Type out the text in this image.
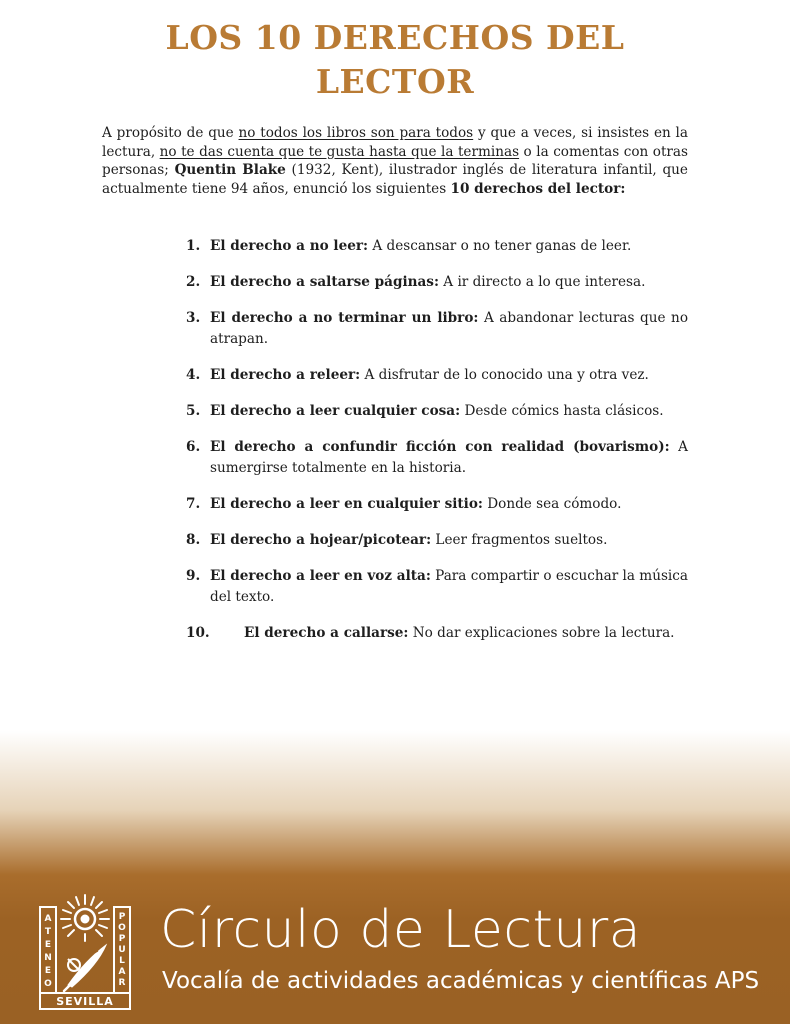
LOS 10 DERECHOS DEL
LECTOR
A propósito de que no todos los libros son para todos y que a veces, si insistes en la lectura, no te das cuenta que te gusta hasta que la terminas o la comentas con otras personas; Quentin Blake (1932, Kent), ilustrador inglés de literatura infantil, que actualmente tiene 94 años, enunció los siguientes 10 derechos del lector:
1. El derecho a no leer: A descansar o no tener ganas de leer.
2. El derecho a saltarse páginas: A ir directo a lo que interesa.
3. El derecho a no terminar un libro: A abandonar lecturas que no atrapan.
4. El derecho a releer: A disfrutar de lo conocido una y otra vez.
5. El derecho a leer cualquier cosa: Desde cómics hasta clásicos.
6. El derecho a confundir ficción con realidad (bovarismo): A sumergirse totalmente en la historia.
7. El derecho a leer en cualquier sitio: Donde sea cómodo.
8. El derecho a hojear/picotear: Leer fragmentos sueltos.
9. El derecho a leer en voz alta: Para compartir o escuchar la música del texto.
10.	El derecho a callarse: No dar explicaciones sobre la lectura.
A T E N E O
P O P U L A R
SEVILLA
Círculo de Lectura
Vocalía de actividades académicas y científicas APS
